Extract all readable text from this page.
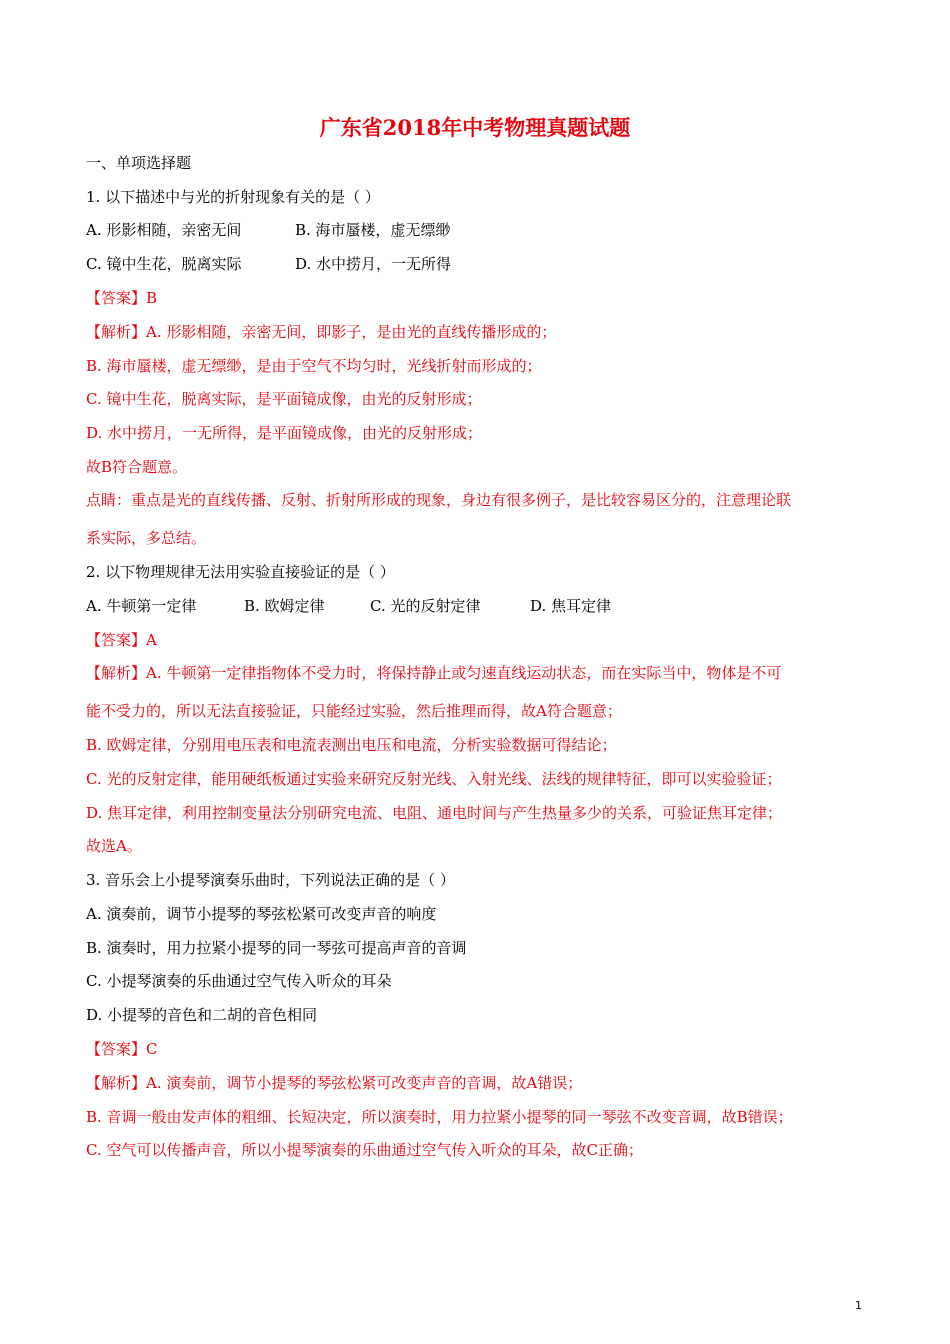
广东省2018年中考物理真题试题
一、单项选择题
1. 以下描述中与光的折射现象有关的是（ ）
A. 形影相随，亲密无间	B. 海市蜃楼，虚无缥缈
C. 镜中生花，脱离实际	D. 水中捞月，一无所得
【答案】B
【解析】A. 形影相随，亲密无间，即影子，是由光的直线传播形成的；
B. 海市蜃楼，虚无缥缈，是由于空气不均匀时，光线折射而形成的；
C. 镜中生花，脱离实际，是平面镜成像，由光的反射形成；
D. 水中捞月，一无所得，是平面镜成像，由光的反射形成；
故B符合题意。
点睛：重点是光的直线传播、反射、折射所形成的现象，身边有很多例子，是比较容易区分的，注意理论联
系实际，多总结。
2. 以下物理规律无法用实验直接验证的是（ ）
A. 牛顿第一定律	B. 欧姆定律	C. 光的反射定律	D. 焦耳定律
【答案】A
【解析】A. 牛顿第一定律指物体不受力时，将保持静止或匀速直线运动状态，而在实际当中，物体是不可
能不受力的，所以无法直接验证，只能经过实验，然后推理而得，故A符合题意；
B. 欧姆定律，分别用电压表和电流表测出电压和电流，分析实验数据可得结论；
C. 光的反射定律，能用硬纸板通过实验来研究反射光线、入射光线、法线的规律特征，即可以实验验证；
D. 焦耳定律，利用控制变量法分别研究电流、电阻、通电时间与产生热量多少的关系，可验证焦耳定律；
故选A。
3. 音乐会上小提琴演奏乐曲时，下列说法正确的是（ ）
A. 演奏前，调节小提琴的琴弦松紧可改变声音的响度
B. 演奏时，用力拉紧小提琴的同一琴弦可提高声音的音调
C. 小提琴演奏的乐曲通过空气传入听众的耳朵
D. 小提琴的音色和二胡的音色相同
【答案】C
【解析】A. 演奏前，调节小提琴的琴弦松紧可改变声音的音调，故A错误；
B. 音调一般由发声体的粗细、长短决定，所以演奏时，用力拉紧小提琴的同一琴弦不改变音调，故B错误；
C. 空气可以传播声音，所以小提琴演奏的乐曲通过空气传入听众的耳朵，故C正确；
1
